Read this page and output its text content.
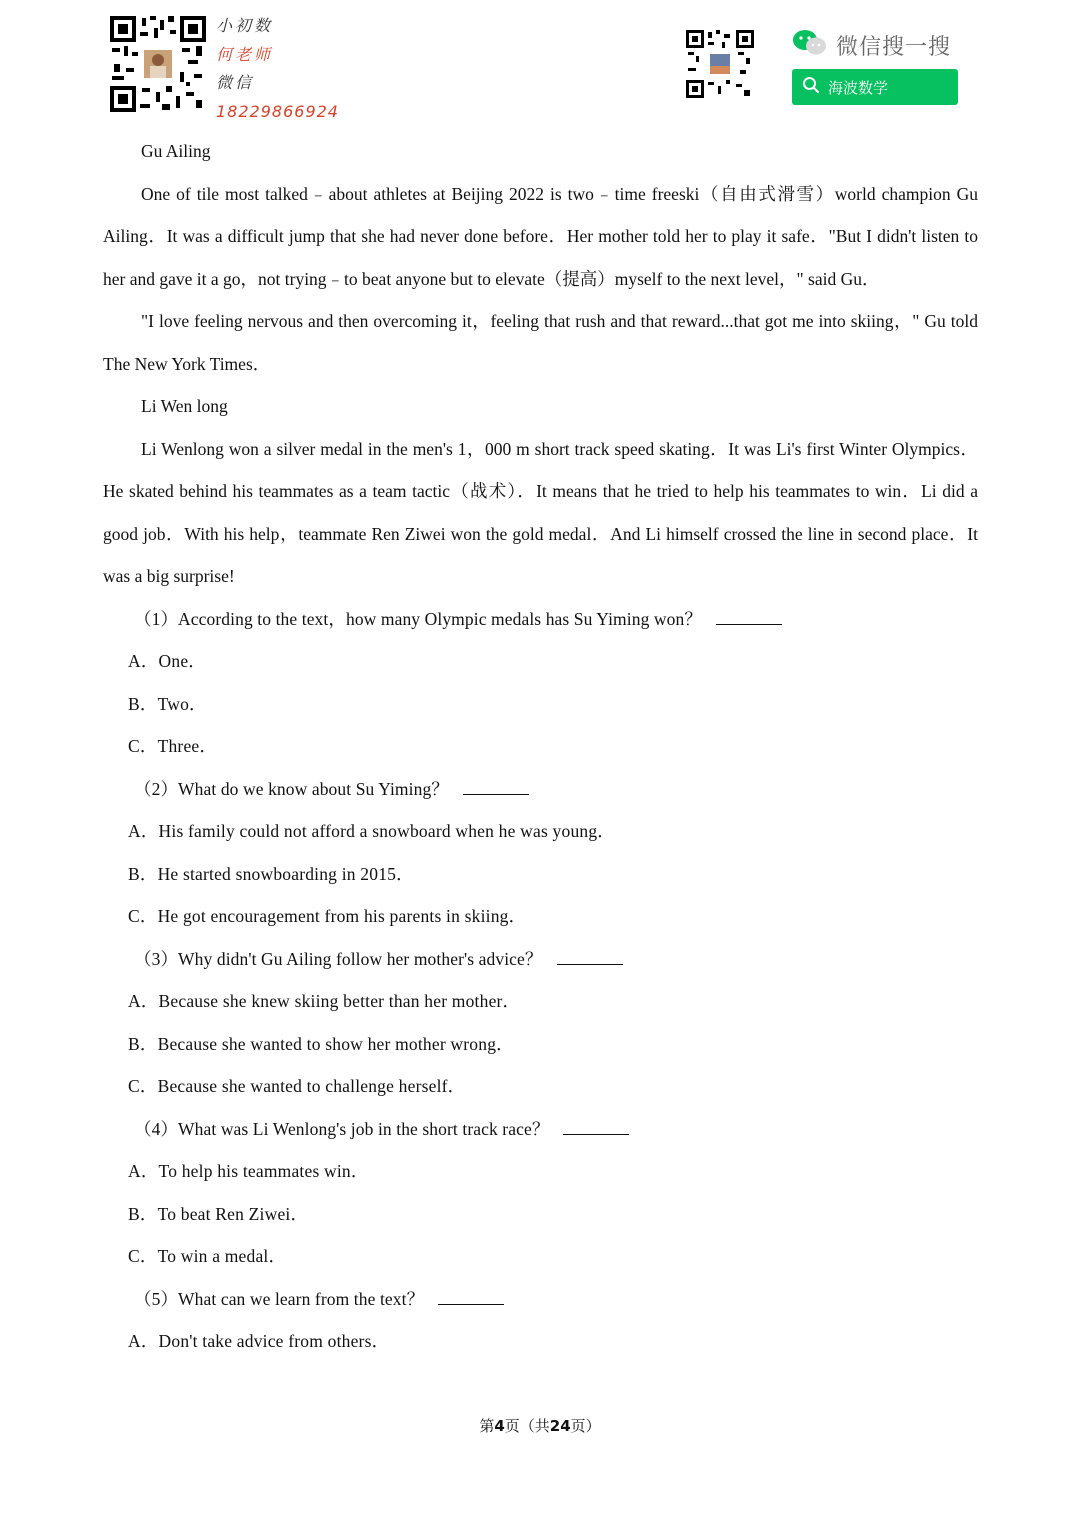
小初数
何老师
微信
18229866924
微信搜一搜
海波数学

Gu Ailing

One of tile most talked﹣about athletes at Beijing 2022 is two﹣time freeski（自由式滑雪）world champion Gu Ailing．It was a difficult jump that she had never done before．Her mother told her to play it safe．"But I didn't listen to her and gave it a go，not trying﹣to beat anyone but to elevate（提高）myself to the next level，" said Gu．

"I love feeling nervous and then overcoming it，feeling that rush and that reward...that got me into skiing，" Gu told The New York Times．

Li Wen long

Li Wenlong won a silver medal in the men's 1，000 m short track speed skating．It was Li's first Winter Olympics．He skated behind his teammates as a team tactic（战术）．It means that he tried to help his teammates to win．Li did a good job．With his help，teammate Ren Ziwei won the gold medal．And Li himself crossed the line in second place．It was a big surprise!

（1）According to the text，how many Olympic medals has Su Yiming won？

A．One．

B．Two．

C．Three．

（2）What do we know about Su Yiming？

A．His family could not afford a snowboard when he was young．

B．He started snowboarding in 2015．

C．He got encouragement from his parents in skiing．

（3）Why didn't Gu Ailing follow her mother's advice？

A．Because she knew skiing better than her mother．

B．Because she wanted to show her mother wrong．

C．Because she wanted to challenge herself．

（4）What was Li Wenlong's job in the short track race？

A．To help his teammates win．

B．To beat Ren Ziwei．

C．To win a medal．

（5）What can we learn from the text？

A．Don't take advice from others．

第4页（共24页）
